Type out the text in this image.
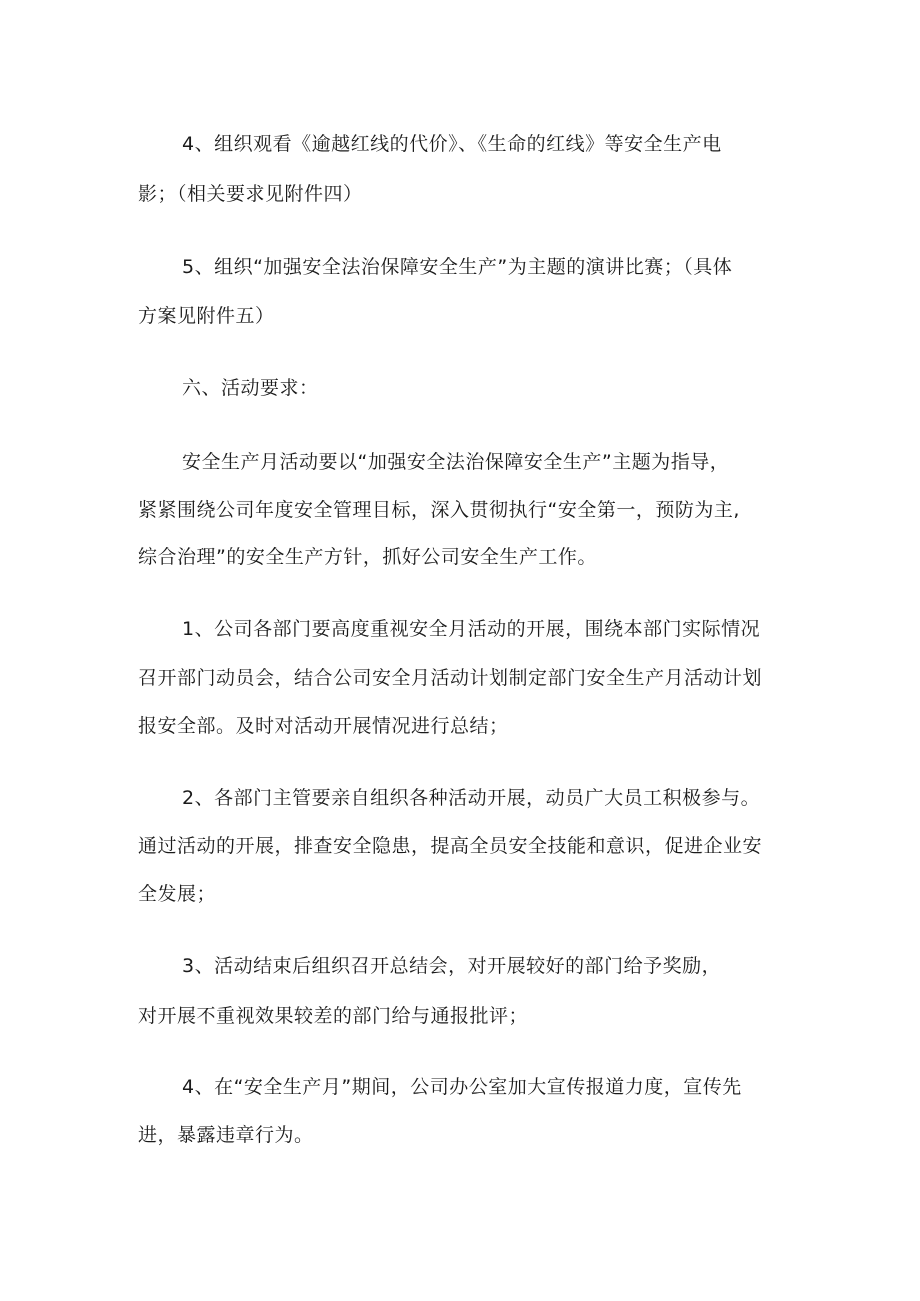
4、组织观看《逾越红线的代价》、《生命的红线》等安全生产电
影；（相关要求见附件四）
5、组织“加强安全法治保障安全生产”为主题的演讲比赛；（具体
方案见附件五）
六、活动要求：
安全生产月活动要以“加强安全法治保障安全生产”主题为指导，
紧紧围绕公司年度安全管理目标，深入贯彻执行“安全第一，预防为主,
综合治理”的安全生产方针，抓好公司安全生产工作。
1、公司各部门要高度重视安全月活动的开展，围绕本部门实际情况
召开部门动员会，结合公司安全月活动计划制定部门安全生产月活动计划
报安全部。及时对活动开展情况进行总结；
2、各部门主管要亲自组织各种活动开展，动员广大员工积极参与。
通过活动的开展，排查安全隐患，提高全员安全技能和意识，促进企业安
全发展；
3、活动结束后组织召开总结会，对开展较好的部门给予奖励，
对开展不重视效果较差的部门给与通报批评；
4、在“安全生产月”期间，公司办公室加大宣传报道力度，宣传先
进，暴露违章行为。
